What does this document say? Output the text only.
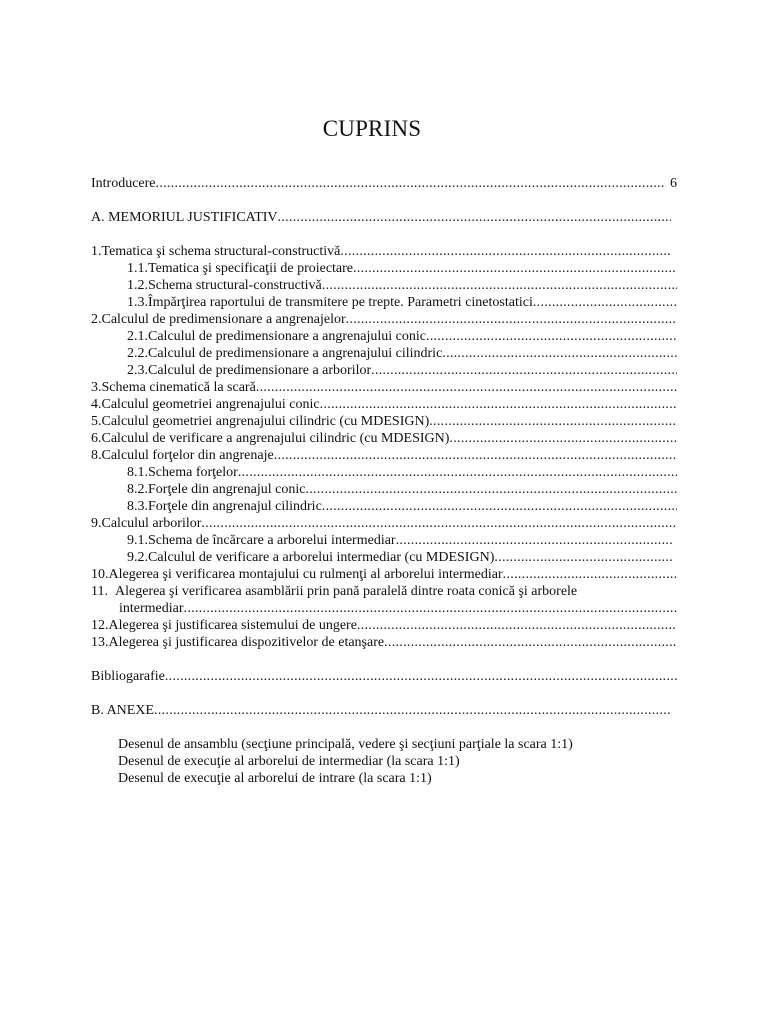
CUPRINS
Introducere
.....	6
A. MEMORIUL JUSTIFICATIV
.....
1. Tematica şi schema structural-constructivă
.....
1.1. Tematica şi specificaţii de proiectare
.....
1.2. Schema structural-constructivă
.....
1.3. Împărţirea raportului de transmitere pe trepte. Parametri cinetostatici
.....
2. Calculul de predimensionare a angrenajelor
.....
2.1. Calculul de predimensionare a angrenajului conic
.....
2.2. Calculul de predimensionare a angrenajului cilindric
.....
2.3. Calculul de predimensionare a arborilor
.....
3. Schema cinematică la scară
.....
4. Calculul geometriei angrenajului conic
.....
5. Calculul geometriei angrenajului cilindric (cu MDESIGN)
.....
6. Calculul de verificare a angrenajului cilindric (cu MDESIGN)
.....
8. Calculul forţelor din angrenaje
.....
8.1. Schema forţelor
.....
8.2. Forţele din angrenajul conic
.....
8.3. Forţele din angrenajul cilindric
.....
9. Calculul arborilor
.....
9.1. Schema de încărcare a arborelui intermediar
.....
9.2. Calculul de verificare a arborelui intermediar (cu MDESIGN)
.....
10. Alegerea şi verificarea montajului cu rulmenţi al arborelui intermediar
.....
11. Alegerea şi verificarea asamblării prin pană paralelă dintre roata conică şi arborele
intermediar
.....
12. Alegerea şi justificarea sistemului de ungere
.....
13. Alegerea şi justificarea dispozitivelor de etanşare
.....
Bibliogarafie
.....
B. ANEXE
.....
Desenul de ansamblu (secţiune principală, vedere şi secţiuni parţiale la scara 1:1)
Desenul de execuţie al arborelui de intermediar (la scara 1:1)
Desenul de execuţie al arborelui de intrare (la scara 1:1)
